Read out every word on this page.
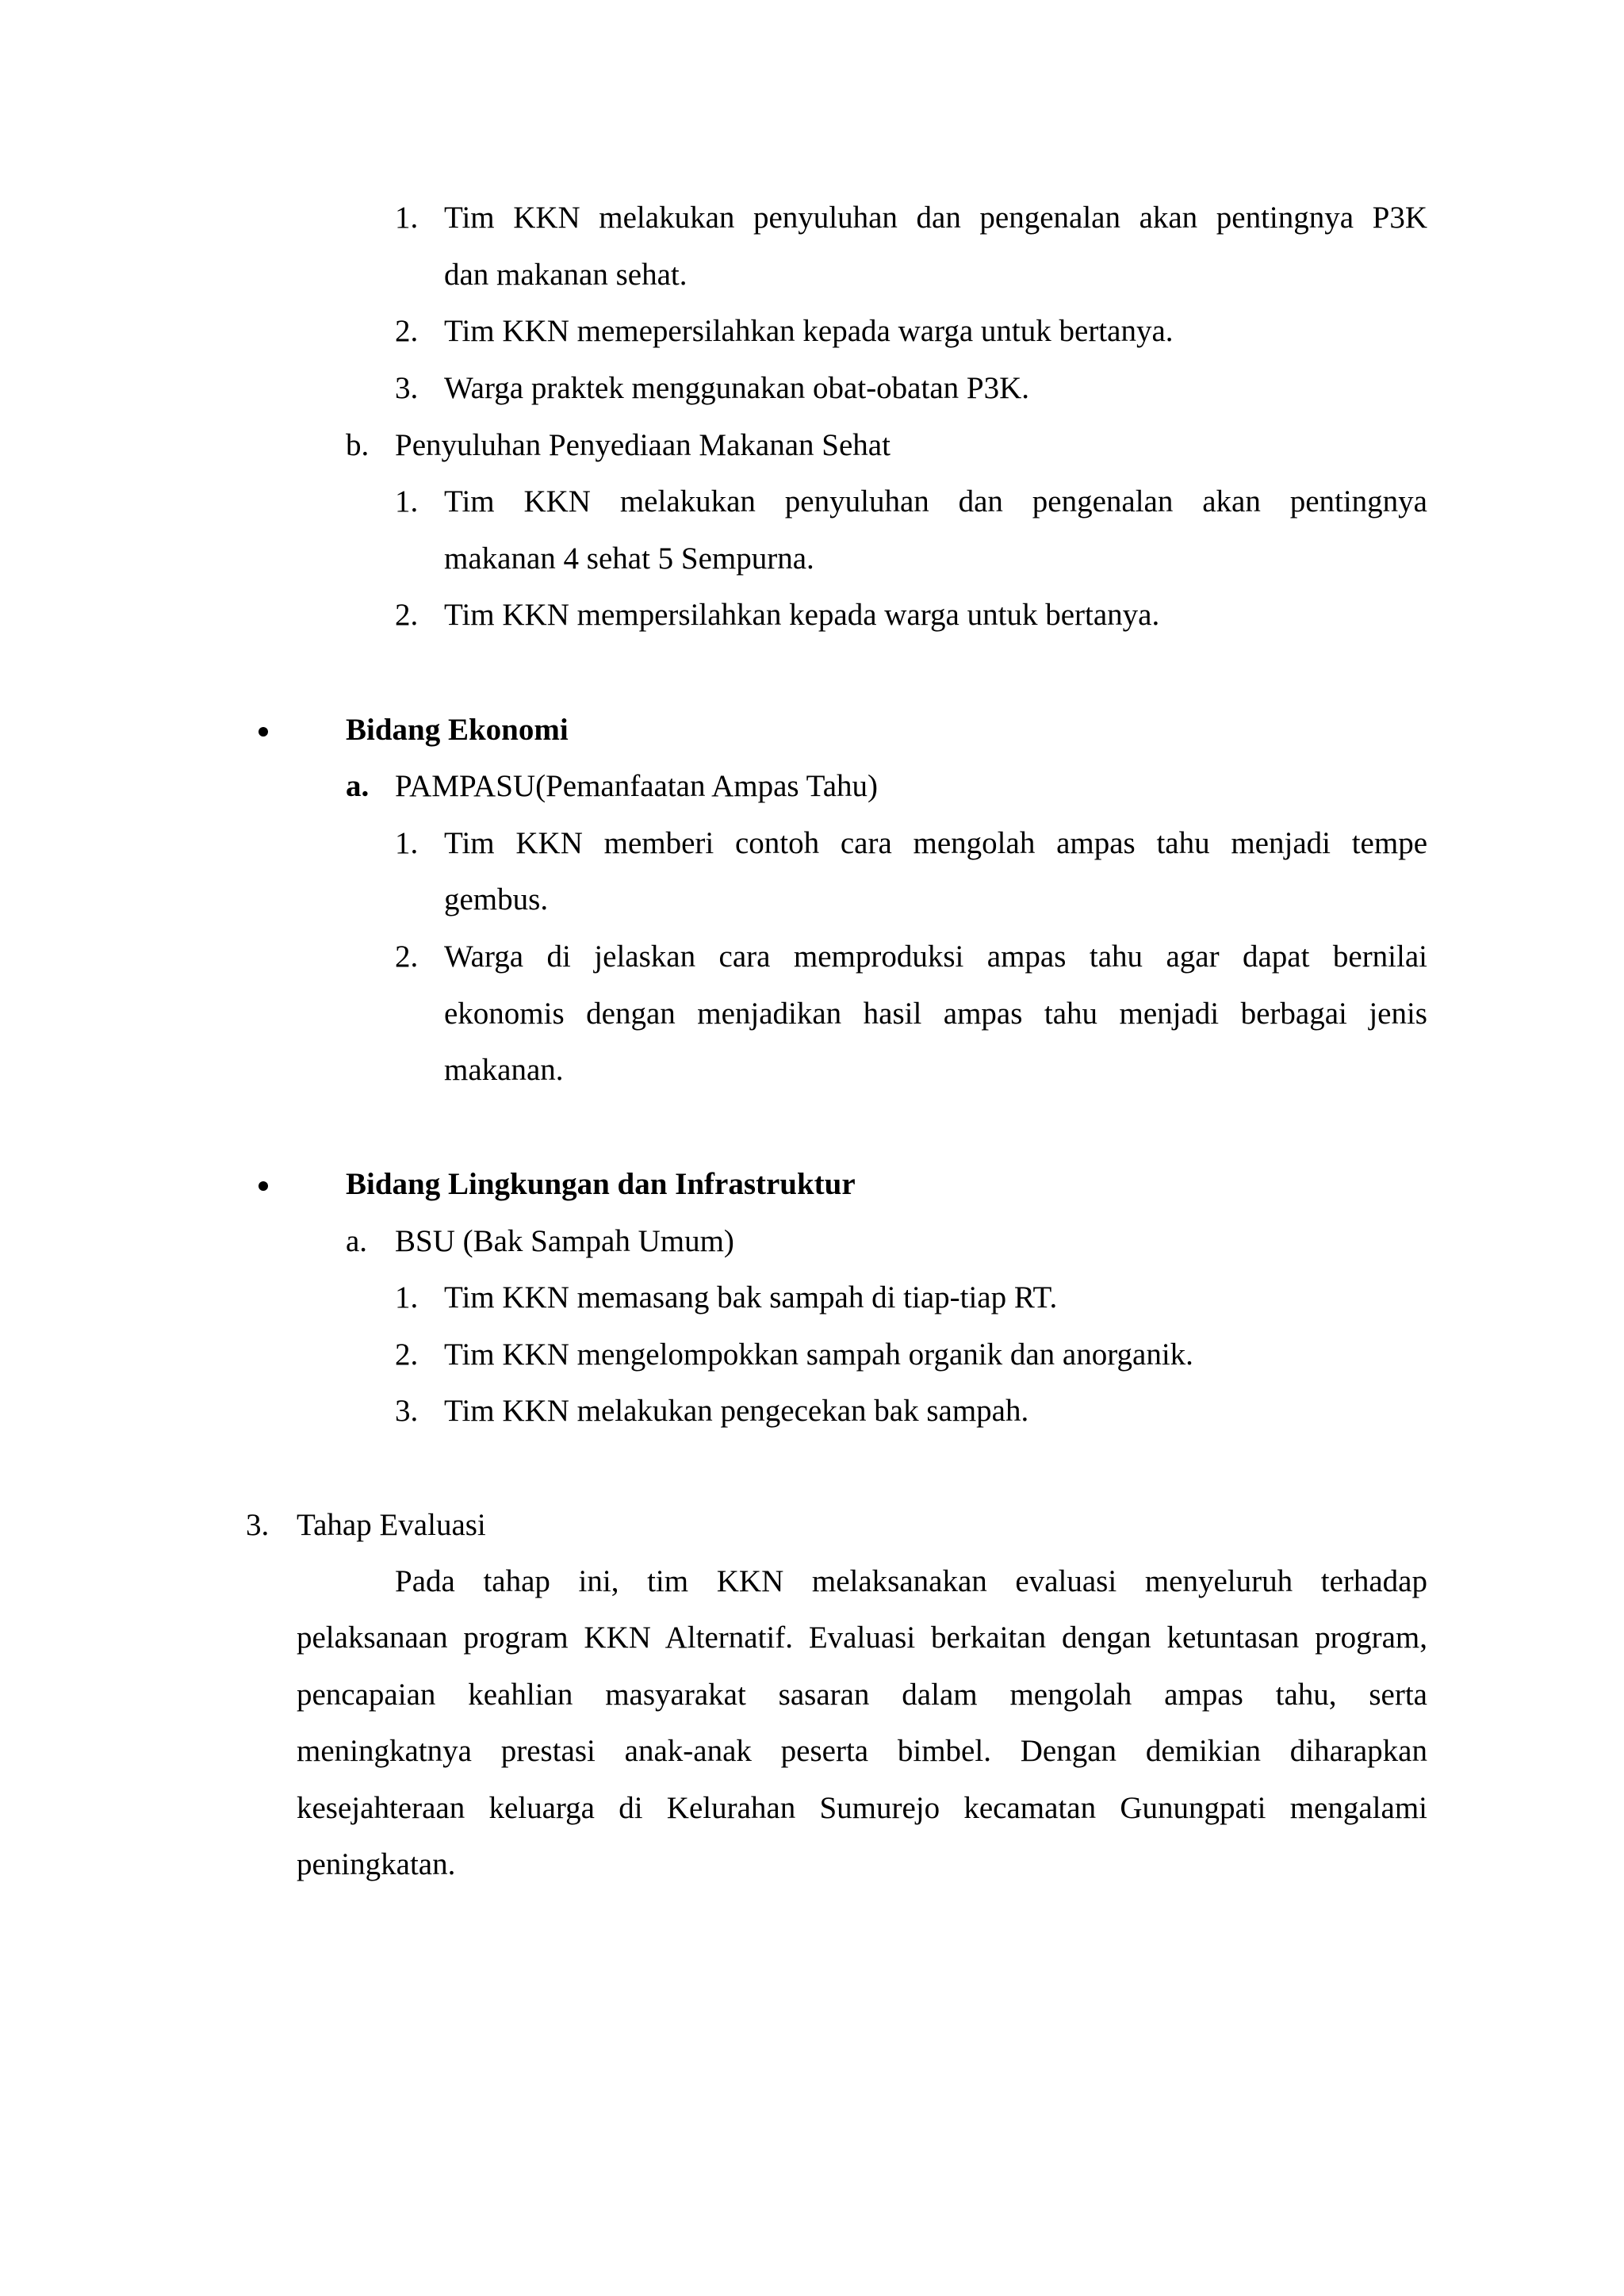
1. Tim KKN melakukan penyuluhan dan pengenalan akan pentingnya P3K
dan makanan sehat.
2. Tim KKN memepersilahkan kepada warga untuk bertanya.
3. Warga praktek menggunakan obat-obatan P3K.
b. Penyuluhan Penyediaan Makanan Sehat
1. Tim KKN melakukan penyuluhan dan pengenalan akan pentingnya
makanan 4 sehat 5 Sempurna.
2. Tim KKN mempersilahkan kepada warga untuk bertanya.
Bidang Ekonomi
a. PAMPASU(Pemanfaatan Ampas Tahu)
1. Tim KKN memberi contoh cara mengolah ampas tahu menjadi tempe
gembus.
2. Warga di jelaskan cara memproduksi ampas tahu agar dapat bernilai
ekonomis dengan menjadikan hasil ampas tahu menjadi berbagai jenis
makanan.
Bidang Lingkungan dan Infrastruktur
a. BSU (Bak Sampah Umum)
1. Tim KKN memasang bak sampah di tiap-tiap RT.
2. Tim KKN mengelompokkan sampah organik dan anorganik.
3. Tim KKN melakukan pengecekan bak sampah.
3. Tahap Evaluasi
Pada tahap ini, tim KKN melaksanakan evaluasi menyeluruh terhadap
pelaksanaan program KKN Alternatif. Evaluasi berkaitan dengan ketuntasan program,
pencapaian keahlian masyarakat sasaran dalam mengolah ampas tahu, serta
meningkatnya prestasi anak-anak peserta bimbel. Dengan demikian diharapkan
kesejahteraan keluarga di Kelurahan Sumurejo kecamatan Gunungpati mengalami
peningkatan.
